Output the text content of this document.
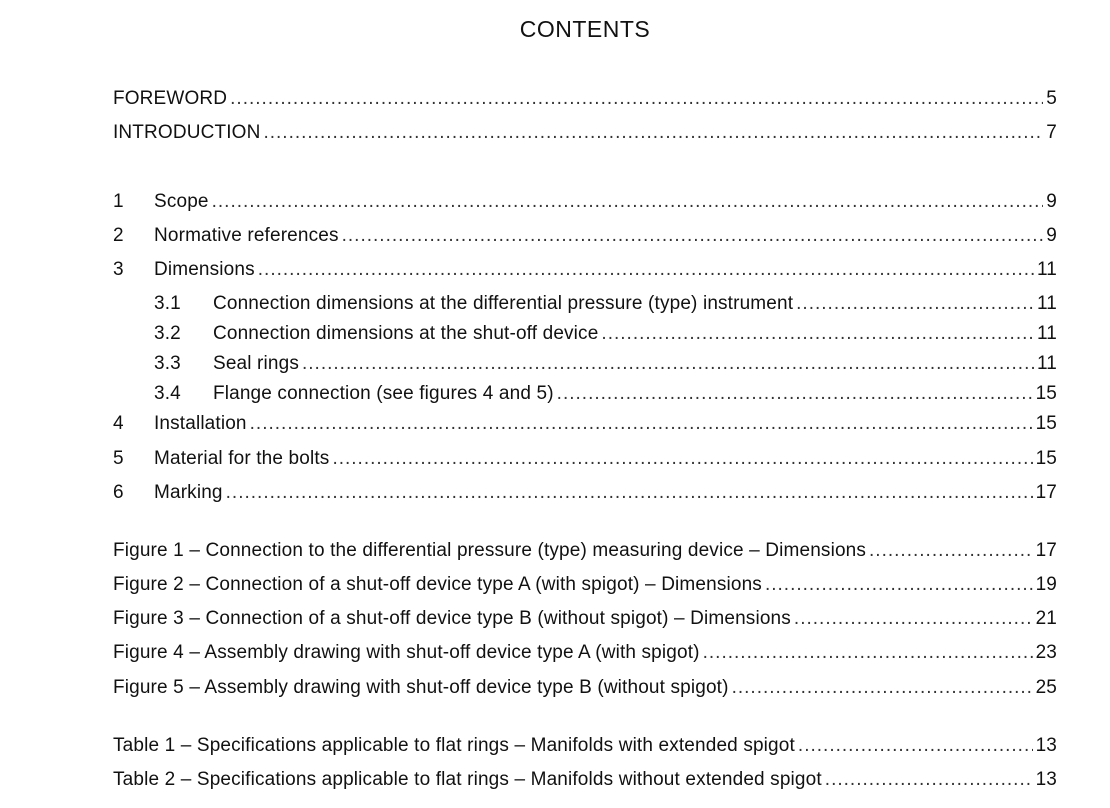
CONTENTS
FOREWORD .....	5
INTRODUCTION .....	7
1	Scope .....	9
2	Normative references .....	9
3	Dimensions .....	11
3.1	Connection dimensions at the differential pressure (type) instrument .....	11
3.2	Connection dimensions at the shut-off device .....	11
3.3	Seal rings .....	11
3.4	Flange connection (see figures 4 and 5) .....	15
4	Installation .....	15
5	Material for the bolts .....	15
6	Marking .....	17
Figure 1 – Connection to the differential pressure (type) measuring device – Dimensions .....	17
Figure 2 – Connection of a shut-off device type A (with spigot) – Dimensions .....	19
Figure 3 – Connection of a shut-off device type B (without spigot) – Dimensions .....	21
Figure 4 – Assembly drawing with shut-off device type A (with spigot) .....	23
Figure 5 – Assembly drawing with shut-off device type B (without spigot) .....	25
Table 1 – Specifications applicable to flat rings – Manifolds with extended spigot .....	13
Table 2 – Specifications applicable to flat rings – Manifolds without extended spigot .....	13
